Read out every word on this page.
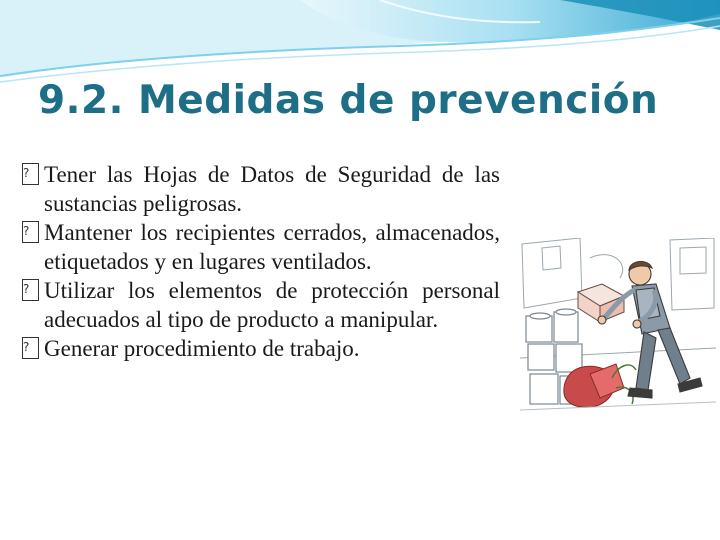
9.2. Medidas de prevención
?
Tener las Hojas de Datos de Seguridad de las sustancias peligrosas.
?
Mantener los recipientes cerrados, almacenados, etiquetados y en lugares ventilados.
?
Utilizar los elementos de protección personal adecuados al tipo de producto a manipular.
?
Generar procedimiento de trabajo.
